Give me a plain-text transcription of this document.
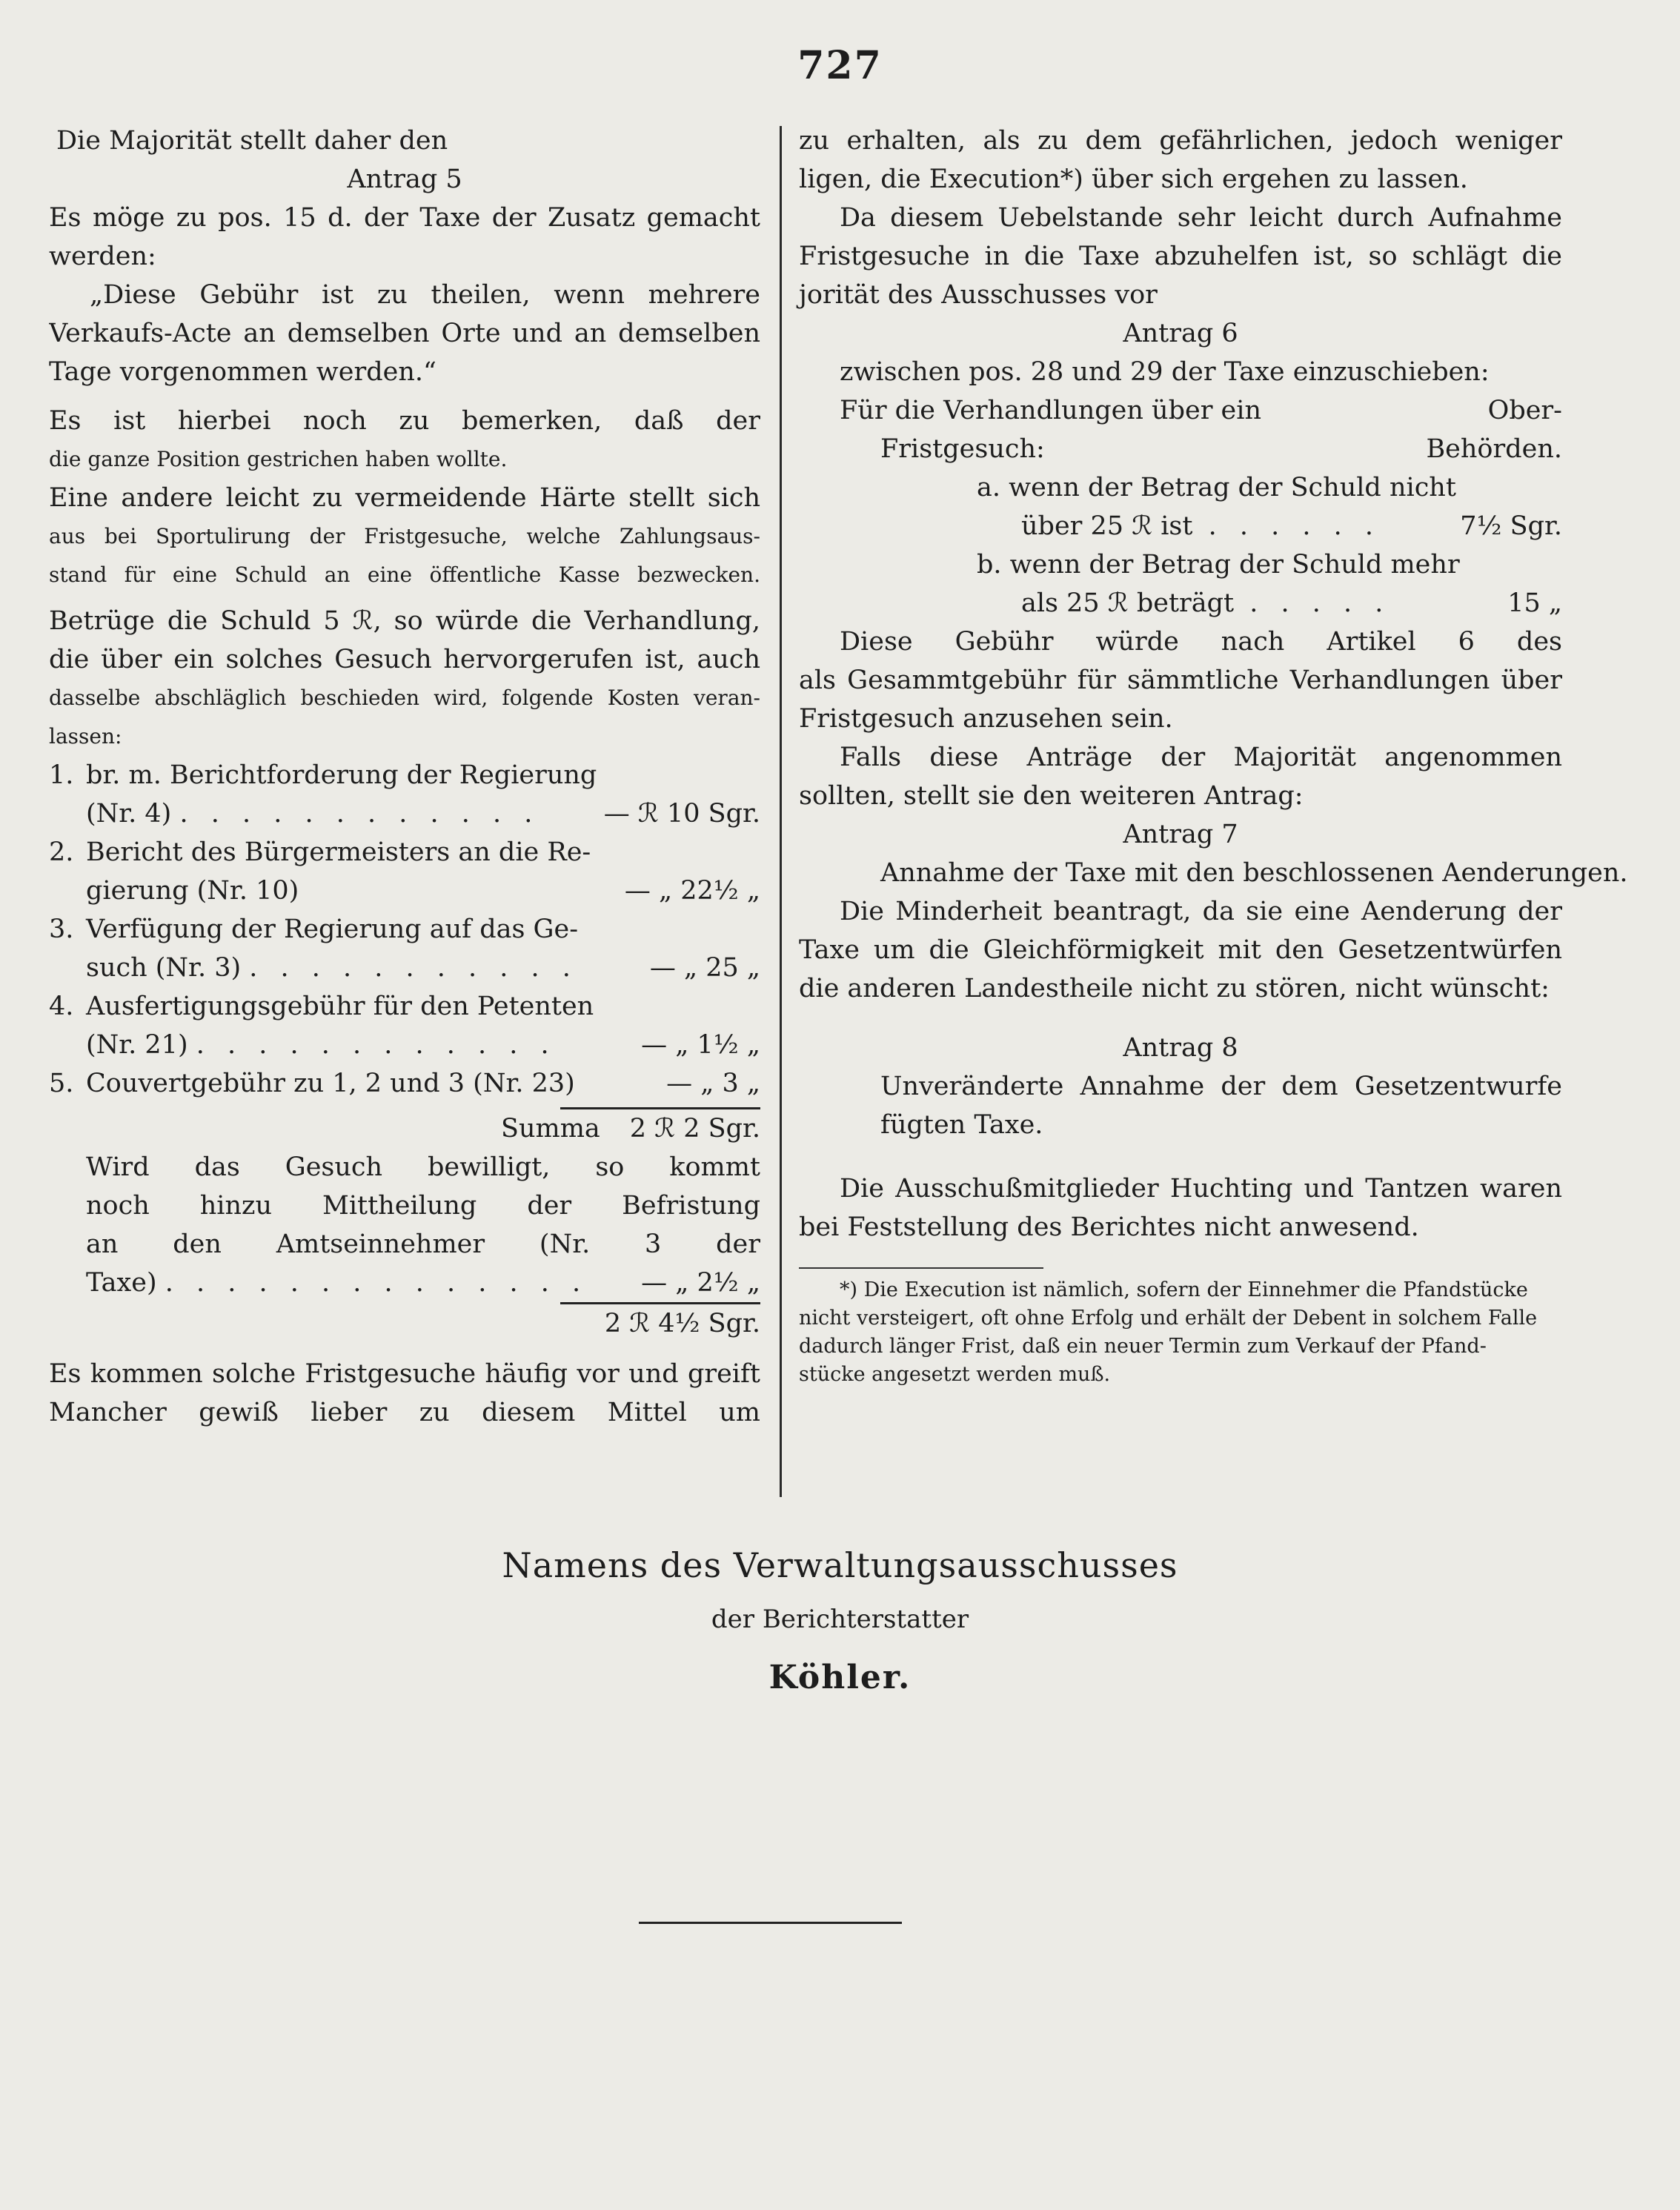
727
Die Majorität stellt daher den
Antrag 5
Es möge zu pos. 15 d. der Taxe der Zusatz gemacht
werden:
„Diese Gebühr ist zu theilen, wenn mehrere
Verkaufs-Acte an demselben Orte und an demselben
Tage vorgenommen werden.“
Es ist hierbei noch zu bemerken, daß der
die ganze Position gestrichen haben wollte.
Eine andere leicht zu vermeidende Härte stellt sich
aus bei Sportulirung der Fristgesuche, welche Zahlungsaus-
stand für eine Schuld an eine öffentliche Kasse bezwecken.
Betrüge die Schuld 5 ℛ, so würde die Verhandlung,
die über ein solches Gesuch hervorgerufen ist, auch
dasselbe abschläglich beschieden wird, folgende Kosten veran-
lassen:
1. br. m. Berichtforderung der Regierung
(Nr. 4) . . . . . . . . . . . . — ℛ 10 Sgr.
2. Bericht des Bürgermeisters an die Re-
gierung (Nr. 10)	— „ 22½ „
3. Verfügung der Regierung auf das Ge-
such (Nr. 3) . . . . . . . . . . .	— „ 25 „
4. Ausfertigungsgebühr für den Petenten
(Nr. 21) . . . . . . . . . . . .	— „ 1½ „
5. Couvertgebühr zu 1, 2 und 3 (Nr. 23)	— „ 3 „
Summa 2 ℛ 2 Sgr.
Wird das Gesuch bewilligt, so kommt
noch hinzu Mittheilung der Befristung
an den Amtseinnehmer (Nr. 3 der
Taxe) . . . . . . . . . . . . . . — „ 2½ „
2 ℛ 4½ Sgr.
Es kommen solche Fristgesuche häufig vor und greift
Mancher gewiß lieber zu diesem Mittel um
zu erhalten, als zu dem gefährlichen, jedoch weniger
ligen, die Execution*) über sich ergehen zu lassen.
Da diesem Uebelstande sehr leicht durch Aufnahme
Fristgesuche in die Taxe abzuhelfen ist, so schlägt die
jorität des Ausschusses vor
Antrag 6
zwischen pos. 28 und 29 der Taxe einzuschieben:
Für die Verhandlungen über ein	Ober-
Fristgesuch:	Behörden.
a. wenn der Betrag der Schuld nicht
über 25 ℛ ist . . . . . .	7½ Sgr.
b. wenn der Betrag der Schuld mehr
als 25 ℛ beträgt . . . . .	15 „
Diese Gebühr würde nach Artikel 6 des
als Gesammtgebühr für sämmtliche Verhandlungen über
Fristgesuch anzusehen sein.
Falls diese Anträge der Majorität angenommen
sollten, stellt sie den weiteren Antrag:
Antrag 7
Annahme der Taxe mit den beschlossenen Aenderungen.
Die Minderheit beantragt, da sie eine Aenderung der
Taxe um die Gleichförmigkeit mit den Gesetzentwürfen
die anderen Landestheile nicht zu stören, nicht wünscht:
Antrag 8
Unveränderte Annahme der dem Gesetzentwurfe
fügten Taxe.
Die Ausschußmitglieder Huchting und Tantzen waren
bei Feststellung des Berichtes nicht anwesend.
*) Die Execution ist nämlich, sofern der Einnehmer die Pfandstücke
nicht versteigert, oft ohne Erfolg und erhält der Debent in solchem Falle
dadurch länger Frist, daß ein neuer Termin zum Verkauf der Pfand-
stücke angesetzt werden muß.
Namens des Verwaltungsausschusses
der Berichterstatter
Köhler.
